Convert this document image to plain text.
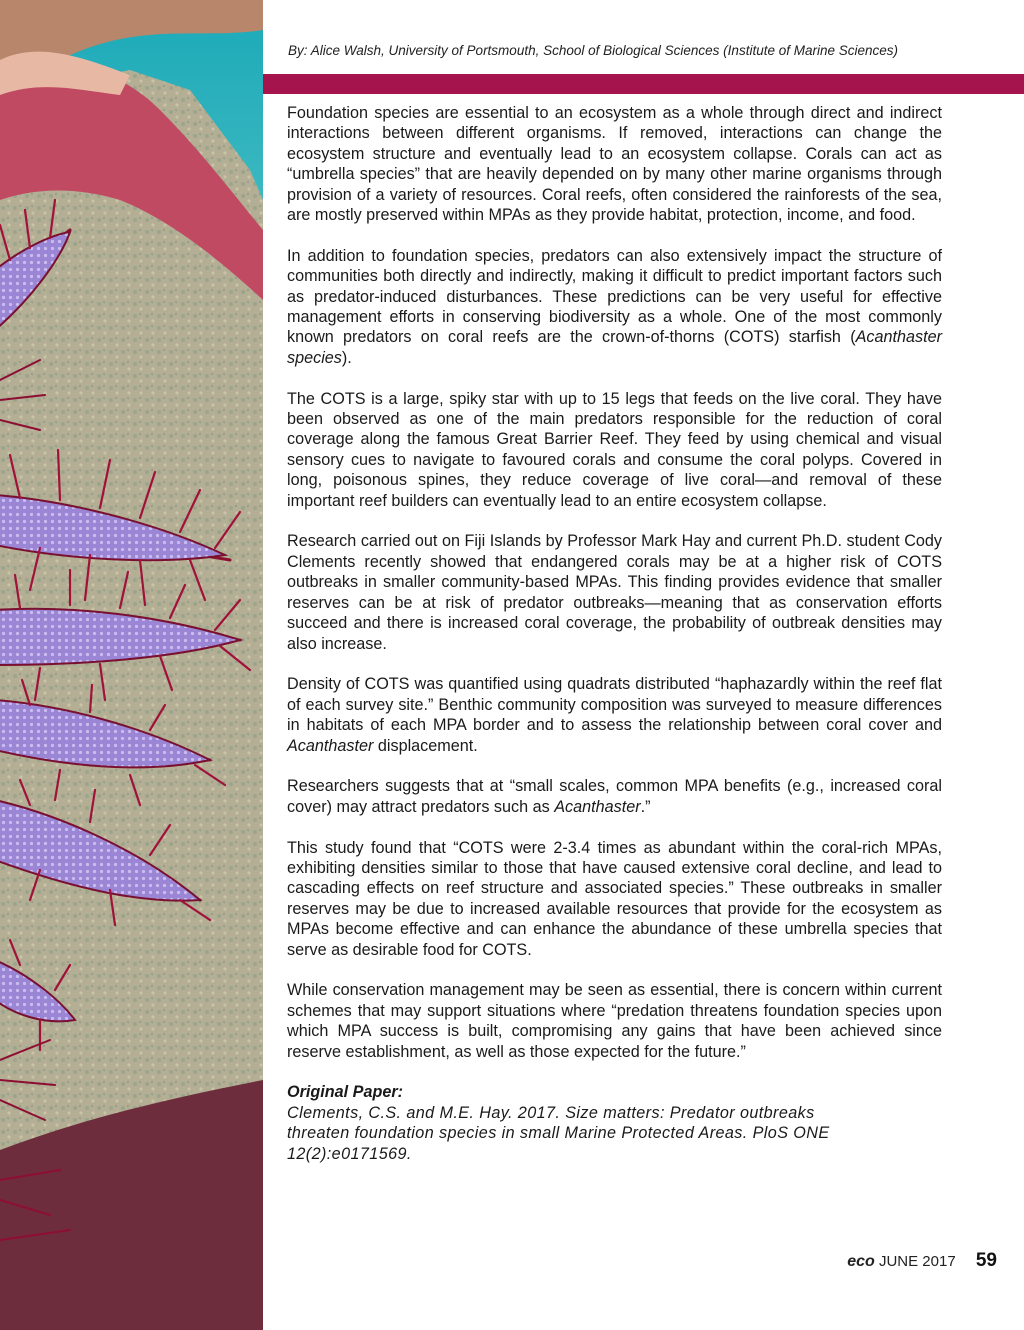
By: Alice Walsh, University of Portsmouth, School of Biological Sciences (Institute of Marine Sciences)

Foundation species are essential to an ecosystem as a whole through direct and indirect interactions between different organisms. If removed, interactions can change the ecosystem structure and eventually lead to an ecosystem collapse. Corals can act as “umbrella species” that are heavily depended on by many other marine organisms through provision of a variety of resources. Coral reefs, often considered the rainforests of the sea, are mostly preserved within MPAs as they provide habitat, protection, income, and food.

In addition to foundation species, predators can also extensively impact the structure of communities both directly and indirectly, making it difficult to predict important factors such as predator-induced disturbances. These predictions can be very useful for effective management efforts in conserving biodiversity as a whole. One of the most commonly known predators on coral reefs are the crown-of-thorns (COTS) starfish (Acanthaster species).

The COTS is a large, spiky star with up to 15 legs that feeds on the live coral. They have been observed as one of the main predators responsible for the reduction of coral coverage along the famous Great Barrier Reef. They feed by using chemical and visual sensory cues to navigate to favoured corals and consume the coral polyps. Covered in long, poisonous spines, they reduce coverage of live coral—and removal of these important reef builders can eventually lead to an entire ecosystem collapse.

Research carried out on Fiji Islands by Professor Mark Hay and current Ph.D. student Cody Clements recently showed that endangered corals may be at a higher risk of COTS outbreaks in smaller community-based MPAs. This finding provides evidence that smaller reserves can be at risk of predator outbreaks—meaning that as conservation efforts succeed and there is increased coral coverage, the probability of outbreak densities may also increase.

Density of COTS was quantified using quadrats distributed “haphazardly within the reef flat of each survey site.” Benthic community composition was surveyed to measure differences in habitats of each MPA border and to assess the relationship between coral cover and Acanthaster displacement.

Researchers suggests that at “small scales, common MPA benefits (e.g., increased coral cover) may attract predators such as Acanthaster.”

This study found that “COTS were 2-3.4 times as abundant within the coral-rich MPAs, exhibiting densities similar to those that have caused extensive coral decline, and lead to cascading effects on reef structure and associated species.” These outbreaks in smaller reserves may be due to increased available resources that provide for the ecosystem as MPAs become effective and can enhance the abundance of these umbrella species that serve as desirable food for COTS.

While conservation management may be seen as essential, there is concern within current schemes that may support situations where “predation threatens foundation species upon which MPA success is built, compromising any gains that have been achieved since reserve establishment, as well as those expected for the future.”

Original Paper:
Clements, C.S. and M.E. Hay. 2017. Size matters: Predator outbreaks
threaten foundation species in small Marine Protected Areas. PloS ONE
12(2):e0171569.
eco JUNE 2017 59
